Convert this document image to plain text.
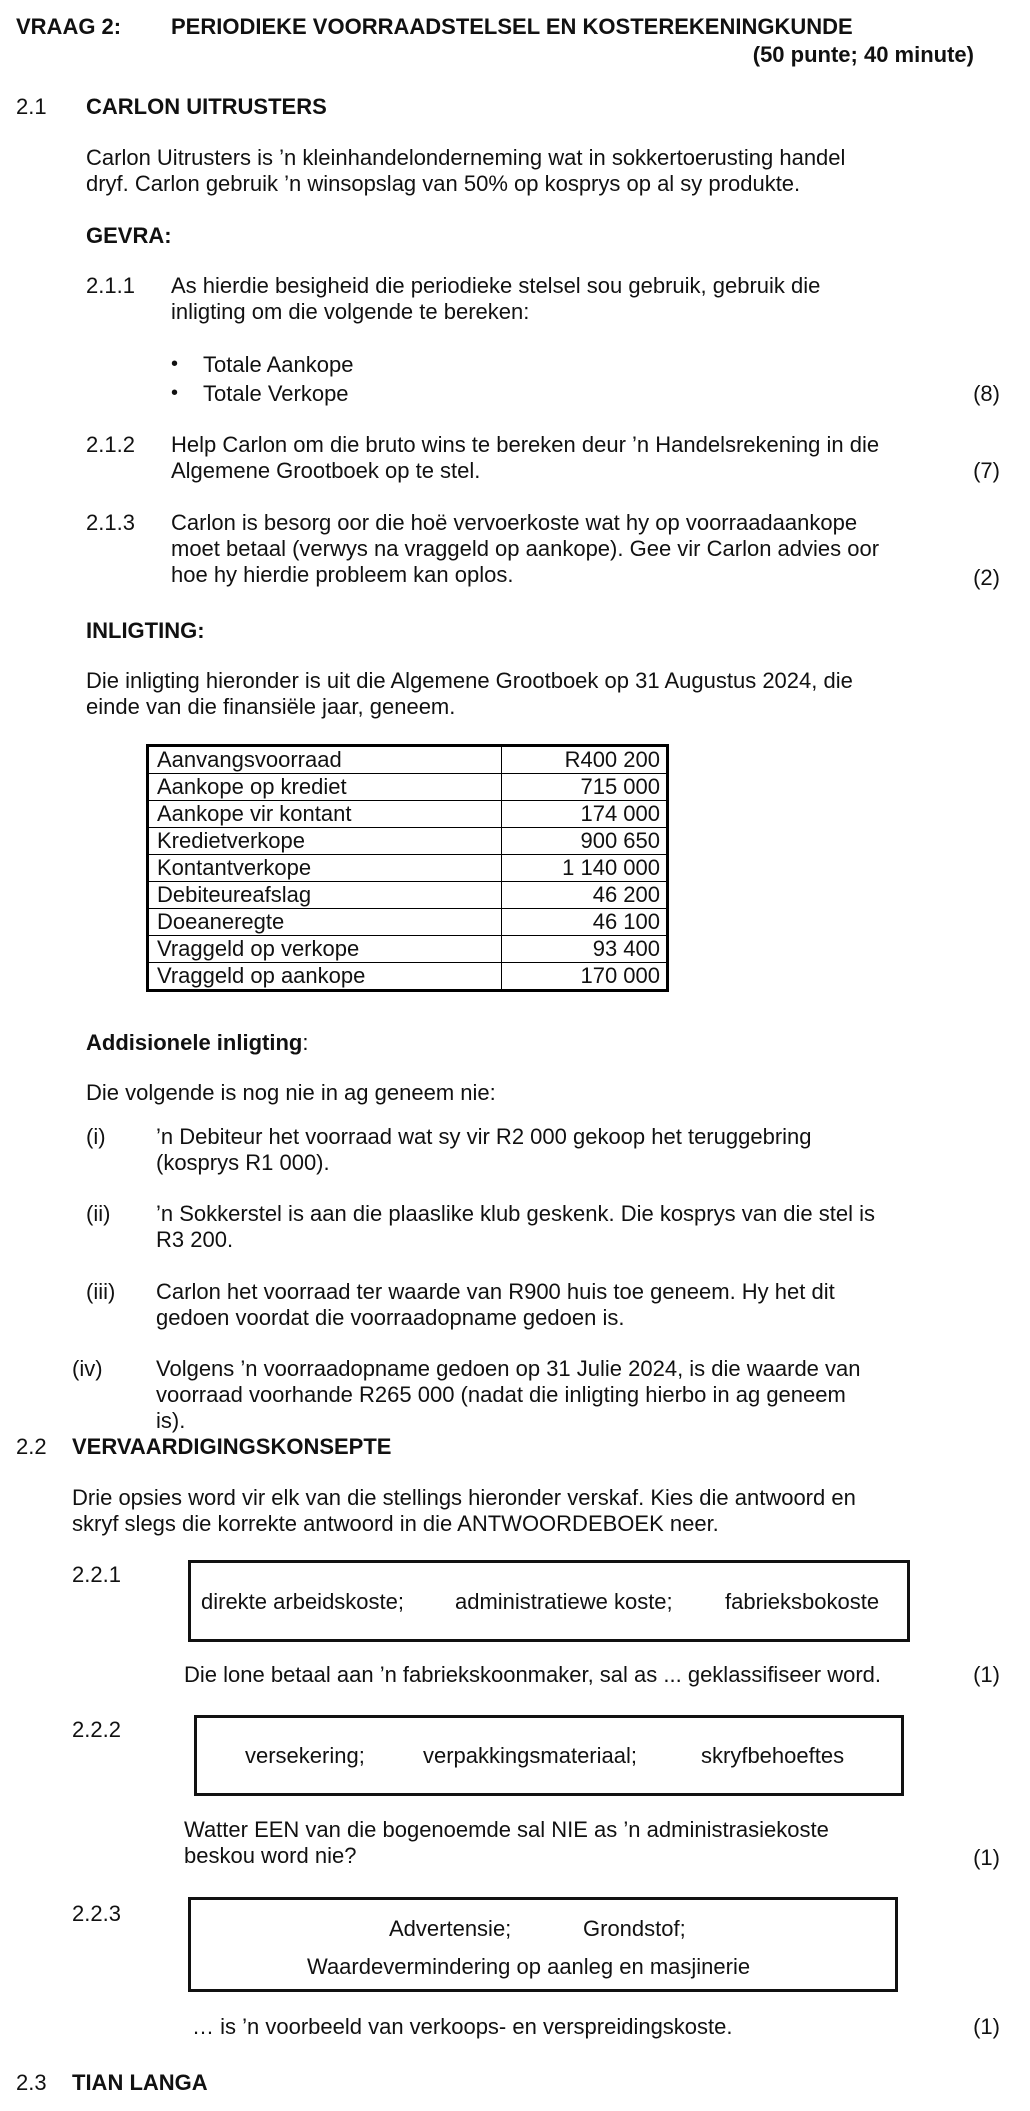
VRAAG 2: PERIODIEKE VOORRAADSTELSEL EN KOSTEREKENINGKUNDE
(50 punte; 40 minute)
2.1 CARLON UITRUSTERS
Carlon Uitrusters is ’n kleinhandelonderneming wat in sokkertoerusting handel
dryf. Carlon gebruik ’n winsopslag van 50% op kosprys op al sy produkte.
GEVRA:
2.1.1 As hierdie besigheid die periodieke stelsel sou gebruik, gebruik die
inligting om die volgende te bereken:
• Totale Aankope
• Totale Verkope	(8)
2.1.2 Help Carlon om die bruto wins te bereken deur ’n Handelsrekening in die
Algemene Grootboek op te stel.	(7)
2.1.3 Carlon is besorg oor die hoë vervoerkoste wat hy op voorraadaankope
moet betaal (verwys na vraggeld op aankope). Gee vir Carlon advies oor
hoe hy hierdie probleem kan oplos.	(2)
INLIGTING:
Die inligting hieronder is uit die Algemene Grootboek op 31 Augustus 2024, die
einde van die finansiële jaar, geneem.
Aanvangsvoorraad	R400 200
Aankope op krediet	715 000
Aankope vir kontant	174 000
Kredietverkope	900 650
Kontantverkope	1 140 000
Debiteureafslag	46 200
Doeaneregte	46 100
Vraggeld op verkope	93 400
Vraggeld op aankope	170 000
Addisionele inligting:
Die volgende is nog nie in ag geneem nie:
(i) ’n Debiteur het voorraad wat sy vir R2 000 gekoop het teruggebring
(kosprys R1 000).
(ii) ’n Sokkerstel is aan die plaaslike klub geskenk. Die kosprys van die stel is
R3 200.
(iii) Carlon het voorraad ter waarde van R900 huis toe geneem. Hy het dit
gedoen voordat die voorraadopname gedoen is.
(iv) Volgens ’n voorraadopname gedoen op 31 Julie 2024, is die waarde van
voorraad voorhande R265 000 (nadat die inligting hierbo in ag geneem
is).
2.2 VERVAARDIGINGSKONSEPTE
Drie opsies word vir elk van die stellings hieronder verskaf. Kies die antwoord en
skryf slegs die korrekte antwoord in die ANTWOORDEBOEK neer.
2.2.1
direkte arbeidskoste; administratiewe koste; fabrieksbokoste
Die lone betaal aan ’n fabriekskoonmaker, sal as ... geklassifiseer word.	(1)
2.2.2
versekering;	verpakkingsmateriaal;	skryfbehoeftes
Watter EEN van die bogenoemde sal NIE as ’n administrasiekoste
beskou word nie?	(1)
2.2.3
Advertensie;	Grondstof;
Waardevermindering op aanleg en masjinerie
… is ’n voorbeeld van verkoops- en verspreidingskoste.	(1)
2.3 TIAN LANGA
